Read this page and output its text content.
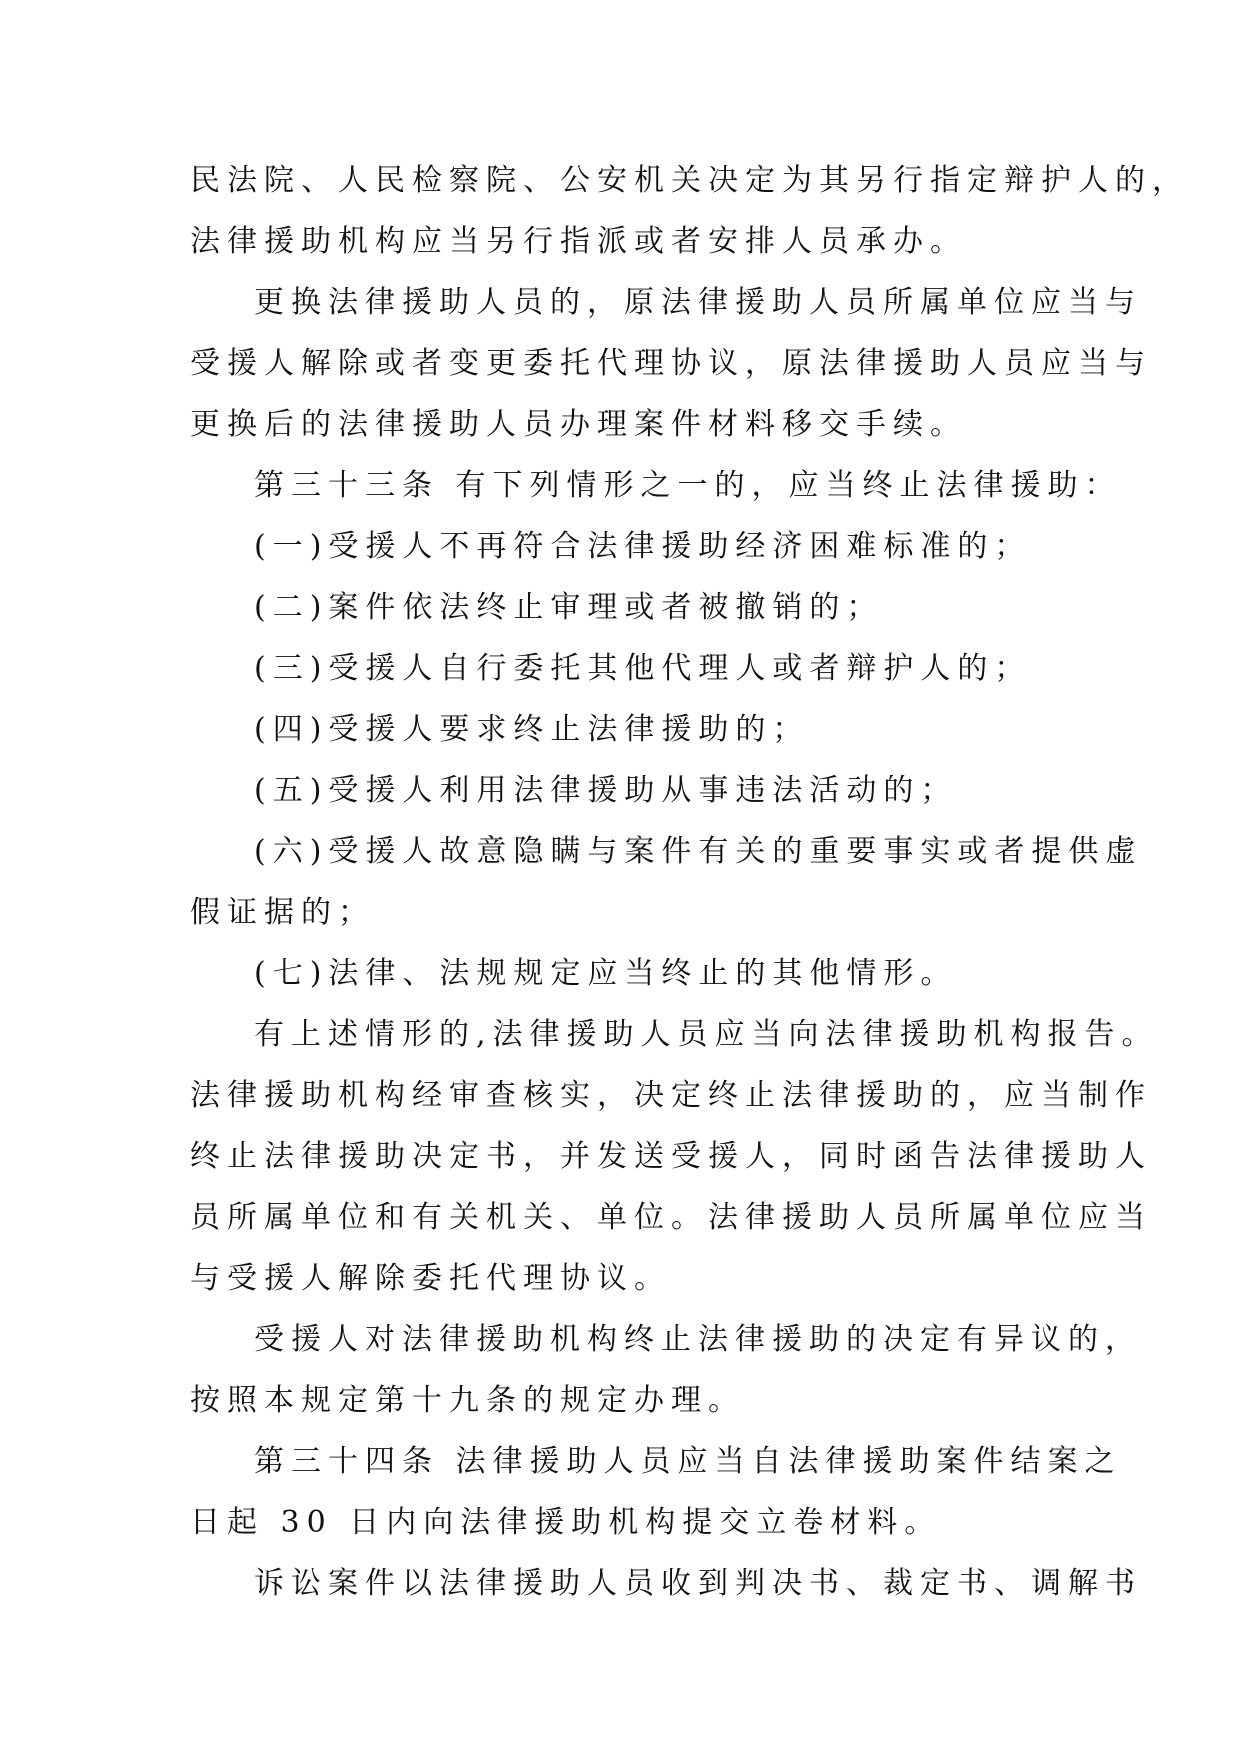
民法院、人民检察院、公安机关决定为其另行指定辩护人的，
法律援助机构应当另行指派或者安排人员承办。
更换法律援助人员的，原法律援助人员所属单位应当与
受援人解除或者变更委托代理协议，原法律援助人员应当与
更换后的法律援助人员办理案件材料移交手续。
第三十三条 有下列情形之一的，应当终止法律援助：
(一)受援人不再符合法律援助经济困难标准的；
(二)案件依法终止审理或者被撤销的；
(三)受援人自行委托其他代理人或者辩护人的；
(四)受援人要求终止法律援助的；
(五)受援人利用法律援助从事违法活动的；
(六)受援人故意隐瞒与案件有关的重要事实或者提供虚
假证据的；
(七)法律、法规规定应当终止的其他情形。
有上述情形的,法律援助人员应当向法律援助机构报告。
法律援助机构经审查核实，决定终止法律援助的，应当制作
终止法律援助决定书，并发送受援人，同时函告法律援助人
员所属单位和有关机关、单位。法律援助人员所属单位应当
与受援人解除委托代理协议。
受援人对法律援助机构终止法律援助的决定有异议的，
按照本规定第十九条的规定办理。
第三十四条 法律援助人员应当自法律援助案件结案之
日起 30 日内向法律援助机构提交立卷材料。
诉讼案件以法律援助人员收到判决书、裁定书、调解书
